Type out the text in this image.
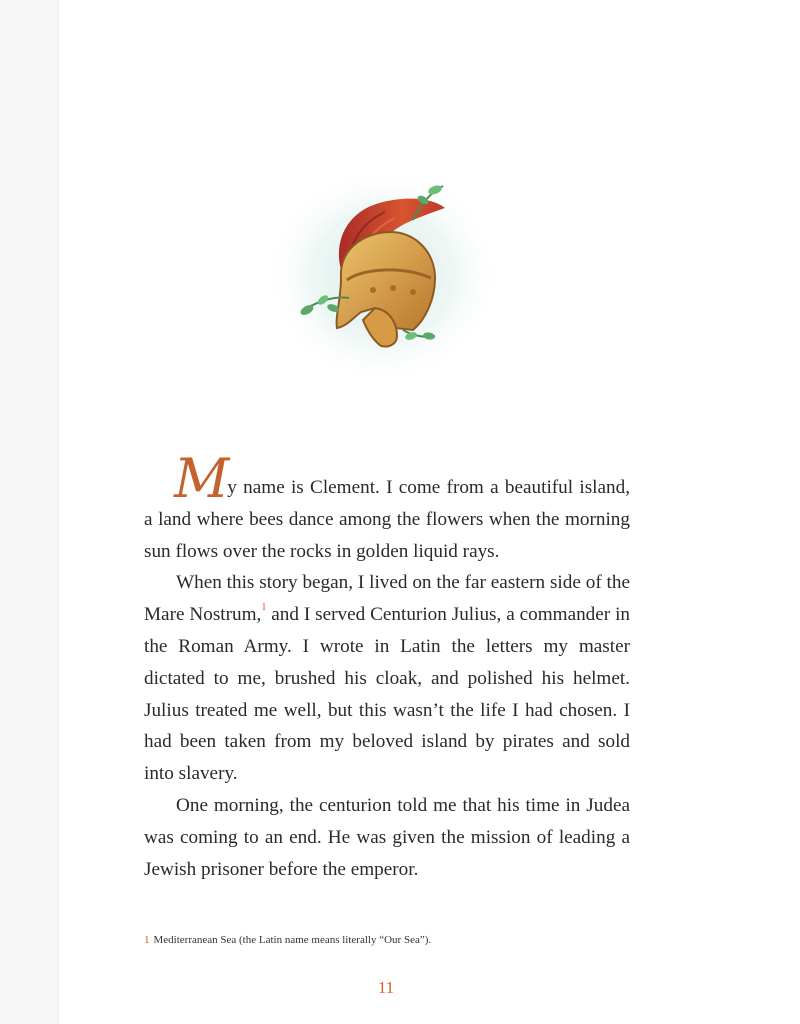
My name is Clement. I come from a beautiful island, a land where bees dance among the flowers when the morning sun flows over the rocks in golden liquid rays.

When this story began, I lived on the far eastern side of the Mare Nostrum,$^1$ and I served Centurion Julius, a commander in the Roman Army. I wrote in Latin the letters my master dictated to me, brushed his cloak, and polished his helmet. Julius treated me well, but this wasn’t the life I had chosen. I had been taken from my beloved island by pirates and sold into slavery.

One morning, the centurion told me that his time in Judea was coming to an end. He was given the mission of leading a Jewish prisoner before the emperor.

1 Mediterranean Sea (the Latin name means literally “Our Sea”).
11
